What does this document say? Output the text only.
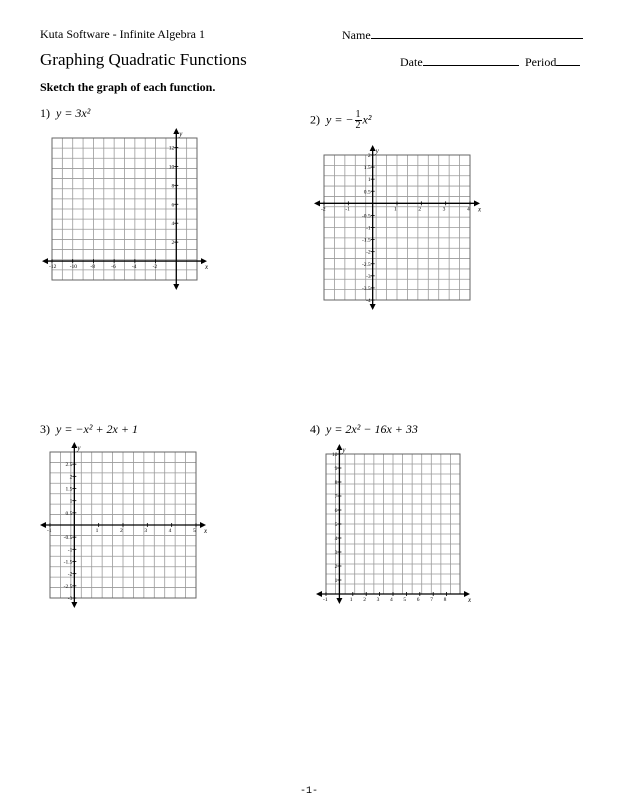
Kuta Software - Infinite Algebra 1	Name
Graphing Quadratic Functions	Date	Period
Sketch the graph of each function.
1) y = 3x²	2) y = − $\frac{1}{2} x^2$
3) y = −x² + 2x + 1	4) y = 2x² − 16x + 33
x
y
-12 -10 -8	-6	-4	-2
12
10
8
6
4
2
x
y
-2	-1	1	2	3	4
2
1.5
1
0.5
-0.5
-1
-1.5
-2
-2.5
-3
-3.5
-4
x
y
-1	1	2	3	4	5
2.5
2
1.5
1
0.5
-0.5
-1
-1.5
-2
-2.5
-3	x
y
-1	1 2 3 4 5 6 7 8
10
9
8
7
6
5
4
3
2
1
-1-
